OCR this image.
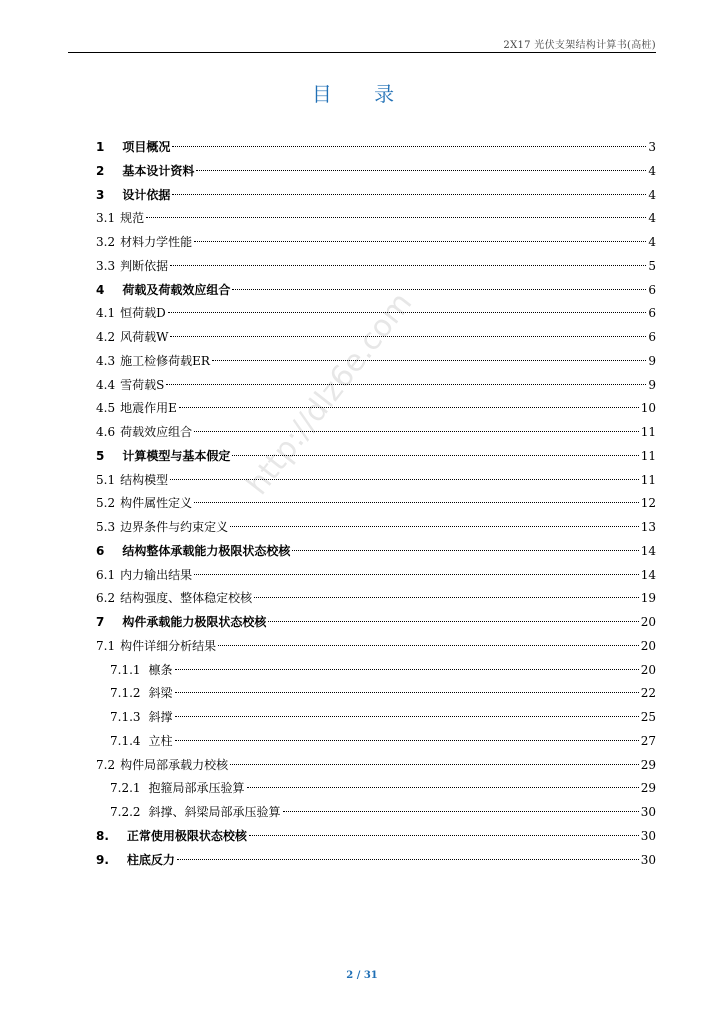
2X17 光伏支架结构计算书(高桩)
目 录
http://dlz6e.com
1 项目概况	3
2 基本设计资料	4
3 设计依据	4
3.1 规范	4
3.2 材料力学性能	4
3.3 判断依据	5
4 荷载及荷载效应组合	6
4.1 恒荷载D	6
4.2 风荷载W	6
4.3 施工检修荷载ER	9
4.4 雪荷载S	9
4.5 地震作用E	10
4.6 荷载效应组合	11
5 计算模型与基本假定	11
5.1 结构模型	11
5.2 构件属性定义	12
5.3 边界条件与约束定义	13
6 结构整体承载能力极限状态校核	14
6.1 内力输出结果	14
6.2 结构强度、整体稳定校核	19
7 构件承载能力极限状态校核	20
7.1 构件详细分析结果	20
7.1.1 檩条	20
7.1.2 斜梁	22
7.1.3 斜撑	25
7.1.4 立柱	27
7.2 构件局部承载力校核	29
7.2.1 抱箍局部承压验算	29
7.2.2 斜撑、斜梁局部承压验算	30
8. 正常使用极限状态校核	30
9. 柱底反力	30
2 / 31
